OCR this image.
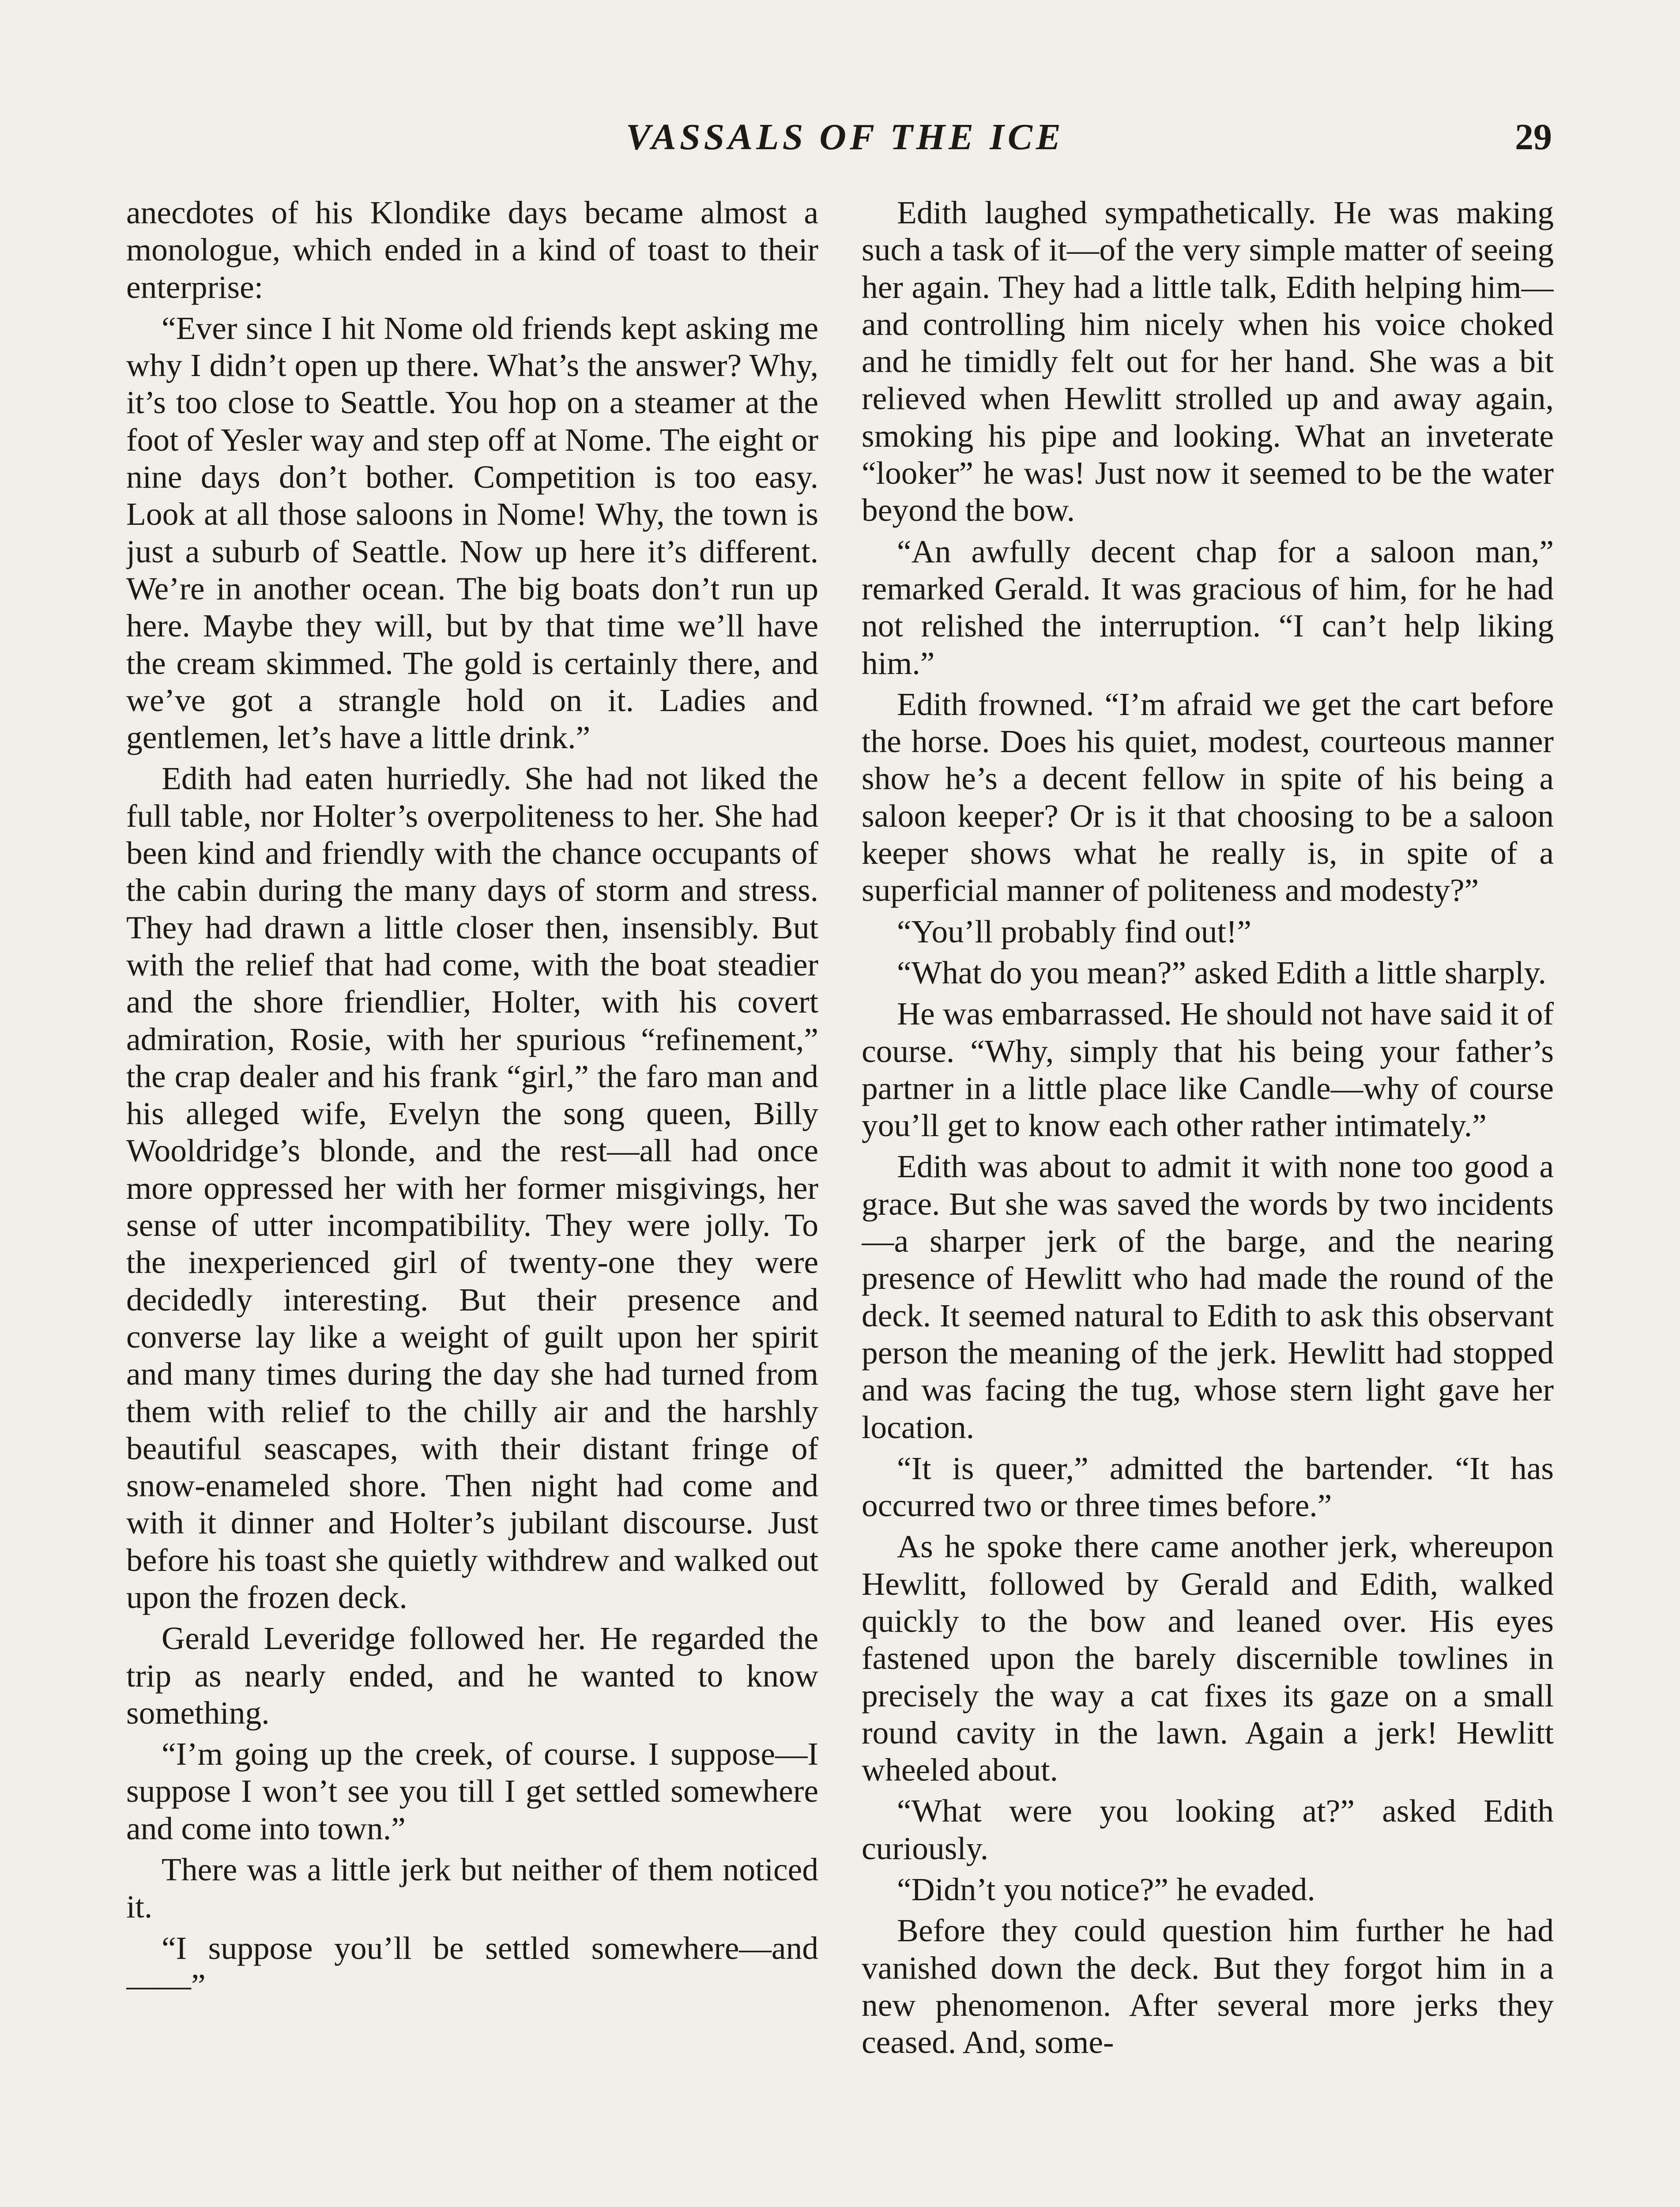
VASSALS OF THE ICE	29

anecdotes of his Klondike days became almost a monologue, which ended in a kind of toast to their enterprise:

“Ever since I hit Nome old friends kept asking me why I didn’t open up there. What’s the answer? Why, it’s too close to Seattle. You hop on a steamer at the foot of Yesler way and step off at Nome. The eight or nine days don’t bother. Competition is too easy. Look at all those saloons in Nome! Why, the town is just a suburb of Seattle. Now up here it’s different. We’re in another ocean. The big boats don’t run up here. Maybe they will, but by that time we’ll have the cream skimmed. The gold is certainly there, and we’ve got a strangle hold on it. Ladies and gentlemen, let’s have a little drink.”

Edith had eaten hurriedly. She had not liked the full table, nor Holter’s overpoliteness to her. She had been kind and friendly with the chance occupants of the cabin during the many days of storm and stress. They had drawn a little closer then, insensibly. But with the relief that had come, with the boat steadier and the shore friendlier, Holter, with his covert admiration, Rosie, with her spurious “refinement,” the crap dealer and his frank “girl,” the faro man and his alleged wife, Evelyn the song queen, Billy Wooldridge’s blonde, and the rest—all had once more oppressed her with her former misgivings, her sense of utter incompatibility. They were jolly. To the inexperienced girl of twenty-one they were decidedly interesting. But their presence and converse lay like a weight of guilt upon her spirit and many times during the day she had turned from them with relief to the chilly air and the harshly beautiful seascapes, with their distant fringe of snow-enameled shore. Then night had come and with it dinner and Holter’s jubilant discourse. Just before his toast she quietly withdrew and walked out upon the frozen deck.

Gerald Leveridge followed her. He regarded the trip as nearly ended, and he wanted to know something.

“I’m going up the creek, of course. I suppose—I suppose I won’t see you till I get settled somewhere and come into town.”

There was a little jerk but neither of them noticed it.

“I suppose you’ll be settled somewhere—and——”

Edith laughed sympathetically. He was making such a task of it—of the very simple matter of seeing her again. They had a little talk, Edith helping him—and controlling him nicely when his voice choked and he timidly felt out for her hand. She was a bit relieved when Hewlitt strolled up and away again, smoking his pipe and looking. What an inveterate “looker” he was! Just now it seemed to be the water beyond the bow.

“An awfully decent chap for a saloon man,” remarked Gerald. It was gracious of him, for he had not relished the interruption. “I can’t help liking him.”

Edith frowned. “I’m afraid we get the cart before the horse. Does his quiet, modest, courteous manner show he’s a decent fellow in spite of his being a saloon keeper? Or is it that choosing to be a saloon keeper shows what he really is, in spite of a superficial manner of politeness and modesty?”

“You’ll probably find out!”

“What do you mean?” asked Edith a little sharply.

He was embarrassed. He should not have said it of course. “Why, simply that his being your father’s partner in a little place like Candle—why of course you’ll get to know each other rather intimately.”

Edith was about to admit it with none too good a grace. But she was saved the words by two incidents—a sharper jerk of the barge, and the nearing presence of Hewlitt who had made the round of the deck. It seemed natural to Edith to ask this observant person the meaning of the jerk. Hewlitt had stopped and was facing the tug, whose stern light gave her location.

“It is queer,” admitted the bartender. “It has occurred two or three times before.”

As he spoke there came another jerk, whereupon Hewlitt, followed by Gerald and Edith, walked quickly to the bow and leaned over. His eyes fastened upon the barely discernible towlines in precisely the way a cat fixes its gaze on a small round cavity in the lawn. Again a jerk! Hewlitt wheeled about.

“What were you looking at?” asked Edith curiously.

“Didn’t you notice?” he evaded.

Before they could question him further he had vanished down the deck. But they forgot him in a new phenomenon. After several more jerks they ceased. And, some-
